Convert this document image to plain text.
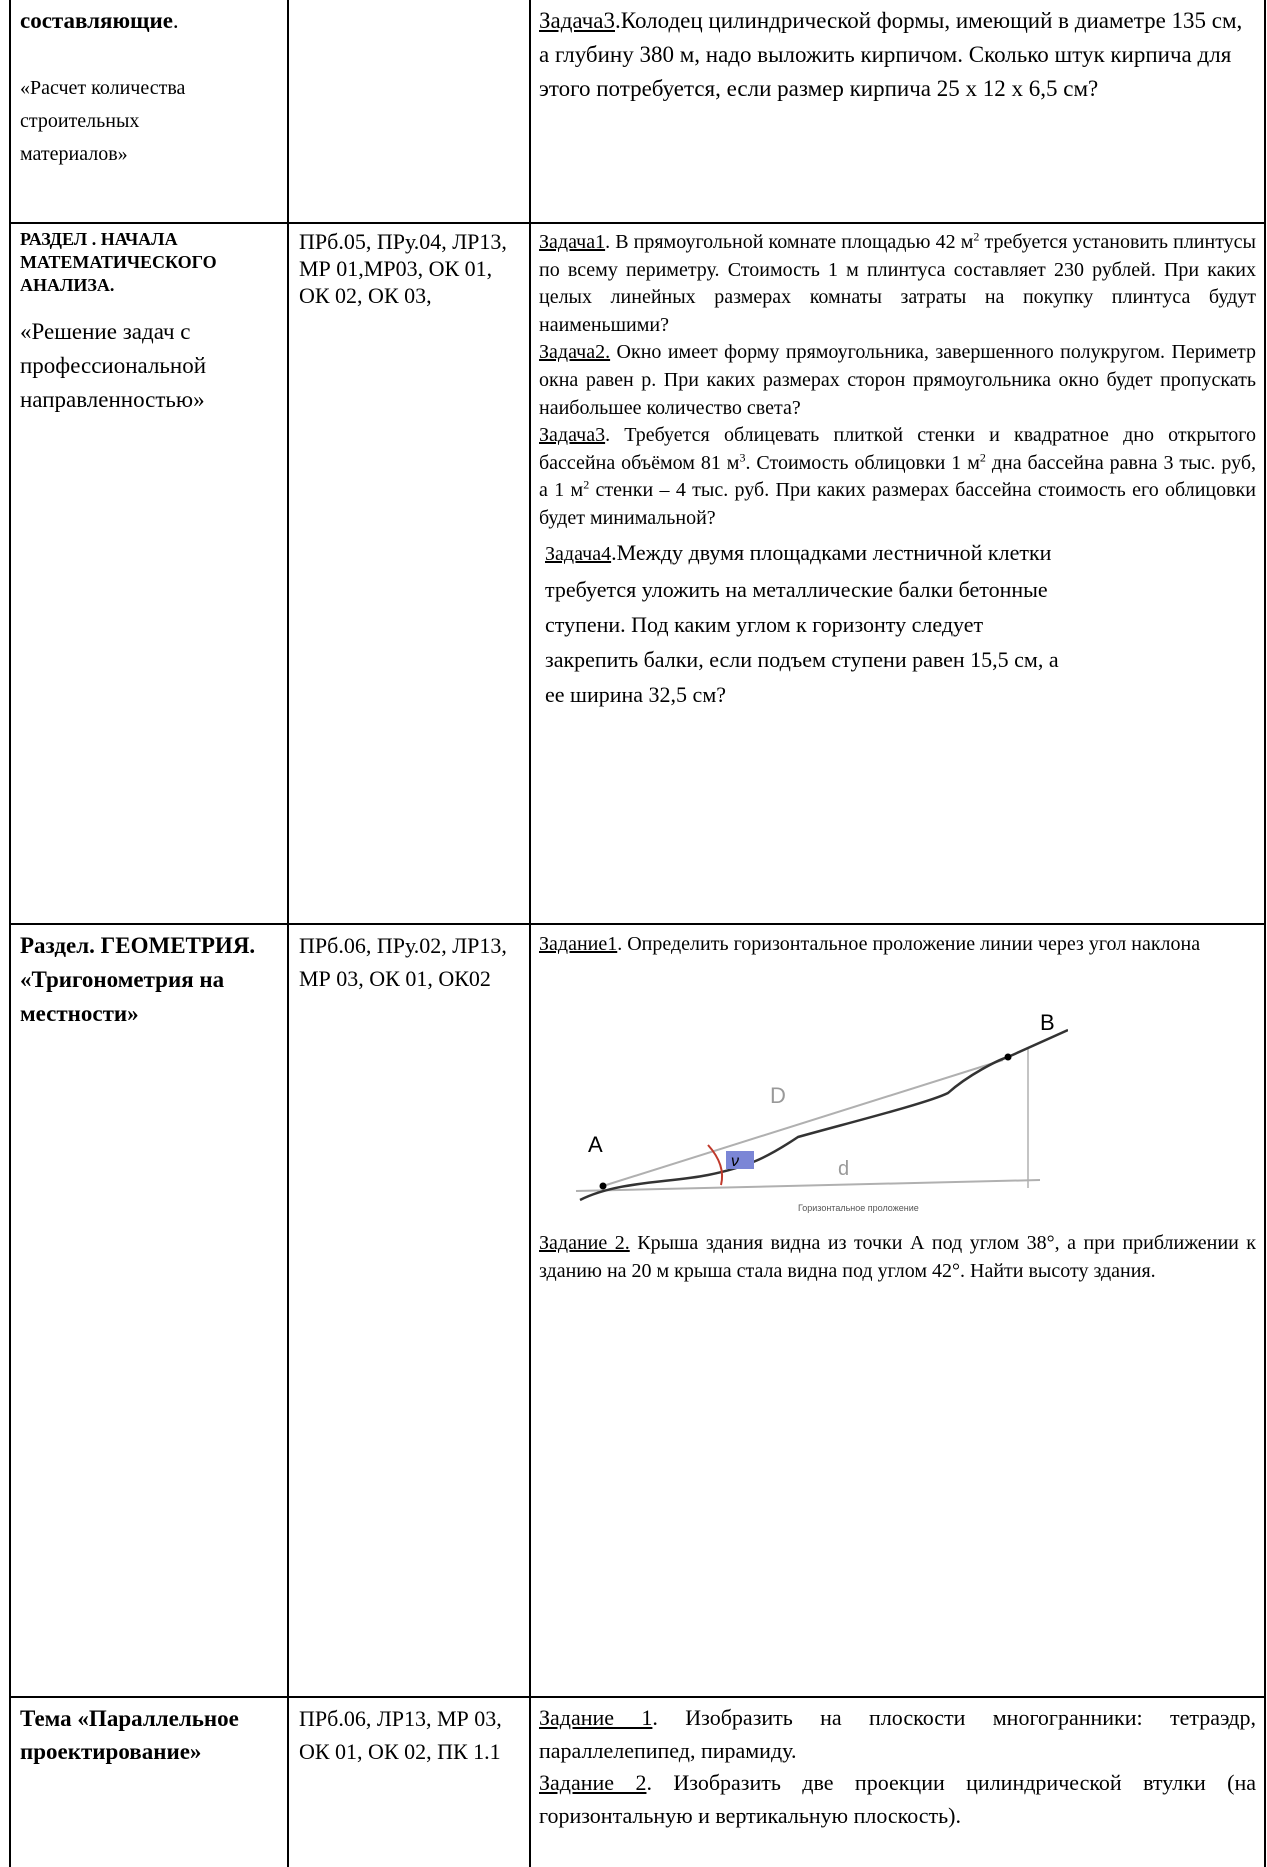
составляющие.

«Расчет количества строительных материалов»

Задача3.Колодец цилиндрической формы, имеющий в диаметре 135 см, а глубину 380 м, надо выложить кирпичом. Сколько штук кирпича для этого потребуется, если размер кирпича 25 х 12 х 6,5 см?

РАЗДЕЛ . НАЧАЛА МАТЕМАТИЧЕСКОГО АНАЛИЗА.

«Решение задач с профессиональной направленностью»

ПРб.05, ПРу.04, ЛР13, МР 01,МР03, ОК 01, ОК 02, ОК 03,

Задача1. В прямоугольной комнате площадью 42 $м^2$ требуется установить плинтусы по всему периметру. Стоимость 1 м плинтуса составляет 230 рублей. При каких целых линейных размерах комнаты затраты на покупку плинтуса будут наименьшими?

Задача2. Окно имеет форму прямоугольника, завершенного полукругом. Периметр окна равен р. При каких размерах сторон прямоугольника окно будет пропускать наибольшее количество света?

Задача3. Требуется облицевать плиткой стенки и квадратное дно открытого бассейна объёмом 81 $м^3$. Стоимость облицовки 1 $м^2$ дна бассейна равна 3 тыс. руб, а 1 $м^2$ стенки – 4 тыс. руб. При каких размерах бассейна стоимость его облицовки будет минимальной?

Задача4.Между двумя площадками лестничной клетки требуется уложить на металлические балки бетонные ступени. Под каким углом к горизонту следует закрепить балки, если подъем ступени равен 15,5 см, а ее ширина 32,5 см?

Раздел. ГЕОМЕТРИЯ. «Тригонометрия на местности»

ПРб.06, ПРу.02, ЛР13, МР 03, ОК 01, ОК02

Задание1. Определить горизонтальное проложение линии через угол наклона

ν
A
B
D
d
Горизонтальное проложение

Задание 2. Крыша здания видна из точки А под углом 38°, а при приближении к зданию на 20 м крыша стала видна под углом 42°. Найти высоту здания.

Тема «Параллельное проектирование»

ПРб.06, ЛР13, МР 03, ОК 01, ОК 02, ПК 1.1

Задание 1. Изобразить на плоскости многогранники: тетраэдр, параллелепипед, пирамиду.

Задание 2. Изобразить две проекции цилиндрической втулки (на горизонтальную и вертикальную плоскость).
